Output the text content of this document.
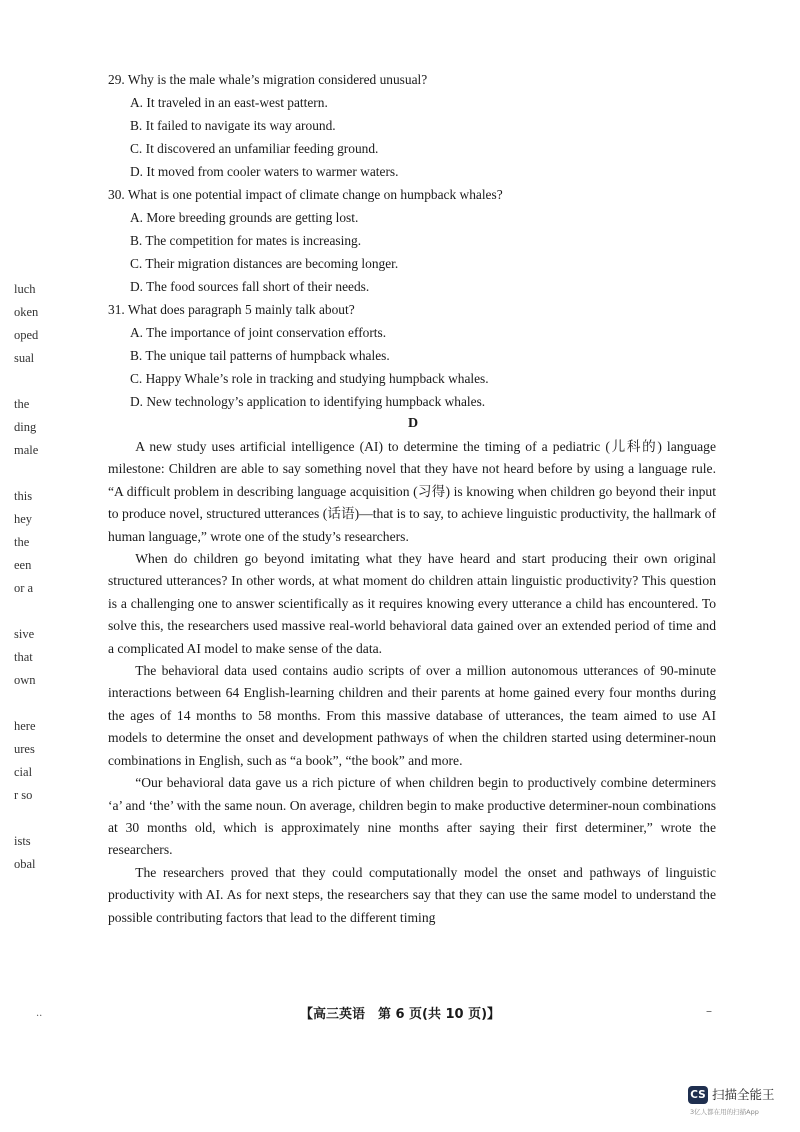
luch
oken
oped
sual
the
ding
male
this
hey
the
een
or a
sive
that
own
here
ures
cial
r so
ists
obal
29. Why is the male whale’s migration considered unusual?
A. It traveled in an east-west pattern.
B. It failed to navigate its way around.
C. It discovered an unfamiliar feeding ground.
D. It moved from cooler waters to warmer waters.
30. What is one potential impact of climate change on humpback whales?
A. More breeding grounds are getting lost.
B. The competition for mates is increasing.
C. Their migration distances are becoming longer.
D. The food sources fall short of their needs.
31. What does paragraph 5 mainly talk about?
A. The importance of joint conservation efforts.
B. The unique tail patterns of humpback whales.
C. Happy Whale’s role in tracking and studying humpback whales.
D. New technology’s application to identifying humpback whales.
D

A new study uses artificial intelligence (AI) to determine the timing of a pediatric (儿科的) language milestone: Children are able to say something novel that they have not heard before by using a language rule. “A difficult problem in describing language acquisition (习得) is knowing when children go beyond their input to produce novel, structured utterances (话语)—that is to say, to achieve linguistic productivity, the hallmark of human language,” wrote one of the study’s researchers.

When do children go beyond imitating what they have heard and start producing their own original structured utterances? In other words, at what moment do children attain linguistic productivity? This question is a challenging one to answer scientifically as it requires knowing every utterance a child has encountered. To solve this, the researchers used massive real-world behavioral data gained over an extended period of time and a complicated AI model to make sense of the data.

The behavioral data used contains audio scripts of over a million autonomous utterances of 90-minute interactions between 64 English-learning children and their parents at home gained every four months during the ages of 14 months to 58 months. From this massive database of utterances, the team aimed to use AI models to determine the onset and development pathways of when the children started using determiner-noun combinations in English, such as “a book”, “the book” and more.

“Our behavioral data gave us a rich picture of when children begin to productively combine determiners ‘a’ and ‘the’ with the same noun. On average, children begin to make productive determiner-noun combinations at 30 months old, which is approximately nine months after saying their first determiner,” wrote the researchers.

The researchers proved that they could computationally model the onset and pathways of linguistic productivity with AI. As for next steps, the researchers say that they can use the same model to understand the possible contributing factors that lead to the different timing

..	【高三英语　第 6 页(共 10 页)】	–
CS 扫描全能王
3亿人都在用的扫描App
